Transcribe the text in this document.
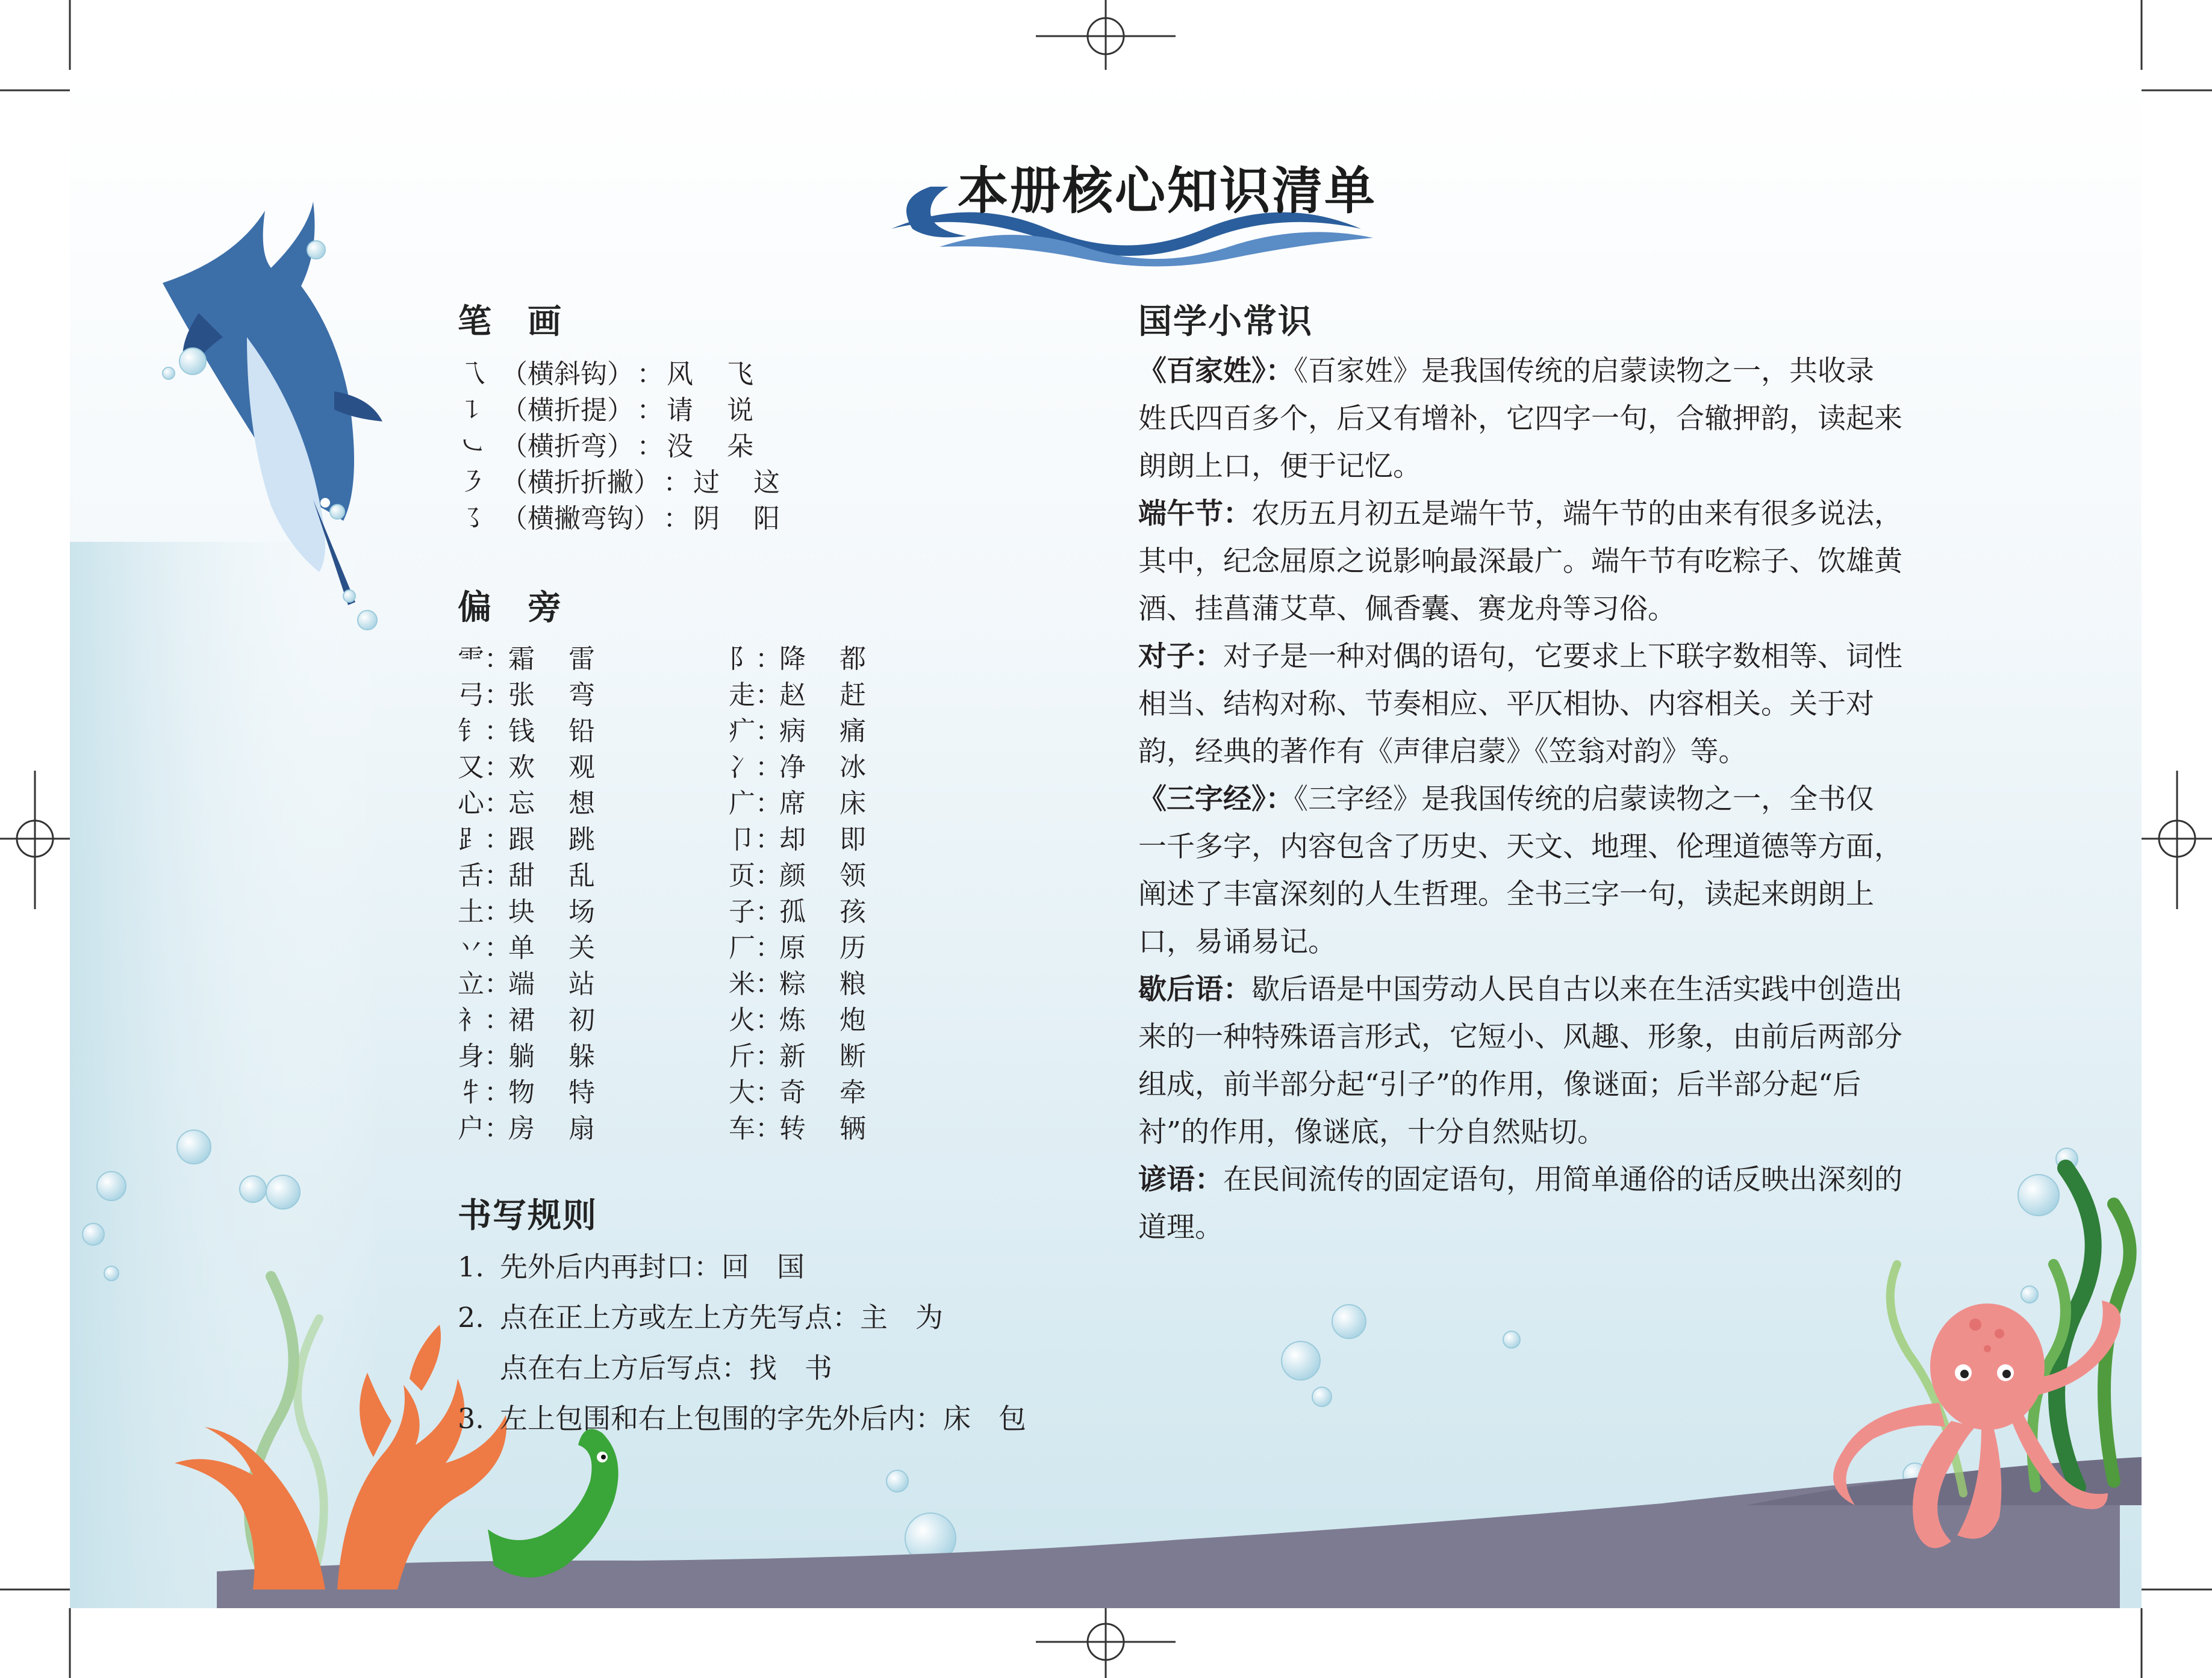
本册核心知识清单
笔　画
乁 （横斜钩） ： 风 飞
㇊ （横折提） ： 请 说
㇃ （横折弯） ： 没 朵
㇋ （横折折撇） ： 过 这
㇌ （横撇弯钩） ： 阴 阳
偏　旁
⻗：霜 雷
弓：张 弯
钅：钱 铅
又：欢 观
心：忘 想
⻊：跟 跳
舌：甜 乱
土：块 场
丷：单 关
立：端 站
衤：裙 初
身：躺 躲
牜：物 特
户：房 扇
阝：降 都
走：赵 赶
疒：病 痛
冫：净 冰
广：席 床
卩：却 即
页：颜 领
子：孤 孩
厂：原 历
米：粽 粮
火：炼 炮
斤：新 断
大：奇 牵
车：转 辆
书写规则
1. 先外后内再封口：回　国
2. 点在正上方或左上方先写点：主　为
点在右上方后写点：找　书
3. 左上包围和右上包围的字先外后内：床　包
国学小常识
《百家姓》：《百家姓》是我国传统的启蒙读物之一，共收录
姓氏四百多个，后又有增补，它四字一句，合辙押韵，读起来
朗朗上口，便于记忆。
端午节：农历五月初五是端午节，端午节的由来有很多说法，
其中，纪念屈原之说影响最深最广。端午节有吃粽子、饮雄黄
酒、挂菖蒲艾草、佩香囊、赛龙舟等习俗。
对子：对子是一种对偶的语句，它要求上下联字数相等、词性
相当、结构对称、节奏相应、平仄相协、内容相关。关于对
韵，经典的著作有《声律启蒙》《笠翁对韵》等。
《三字经》：《三字经》是我国传统的启蒙读物之一，全书仅
一千多字，内容包含了历史、天文、地理、伦理道德等方面，
阐述了丰富深刻的人生哲理。全书三字一句，读起来朗朗上
口，易诵易记。
歇后语：歇后语是中国劳动人民自古以来在生活实践中创造出
来的一种特殊语言形式，它短小、风趣、形象，由前后两部分
组成，前半部分起“引子”的作用，像谜面；后半部分起“后
衬”的作用，像谜底，十分自然贴切。
谚语：在民间流传的固定语句，用简单通俗的话反映出深刻的
道理。
